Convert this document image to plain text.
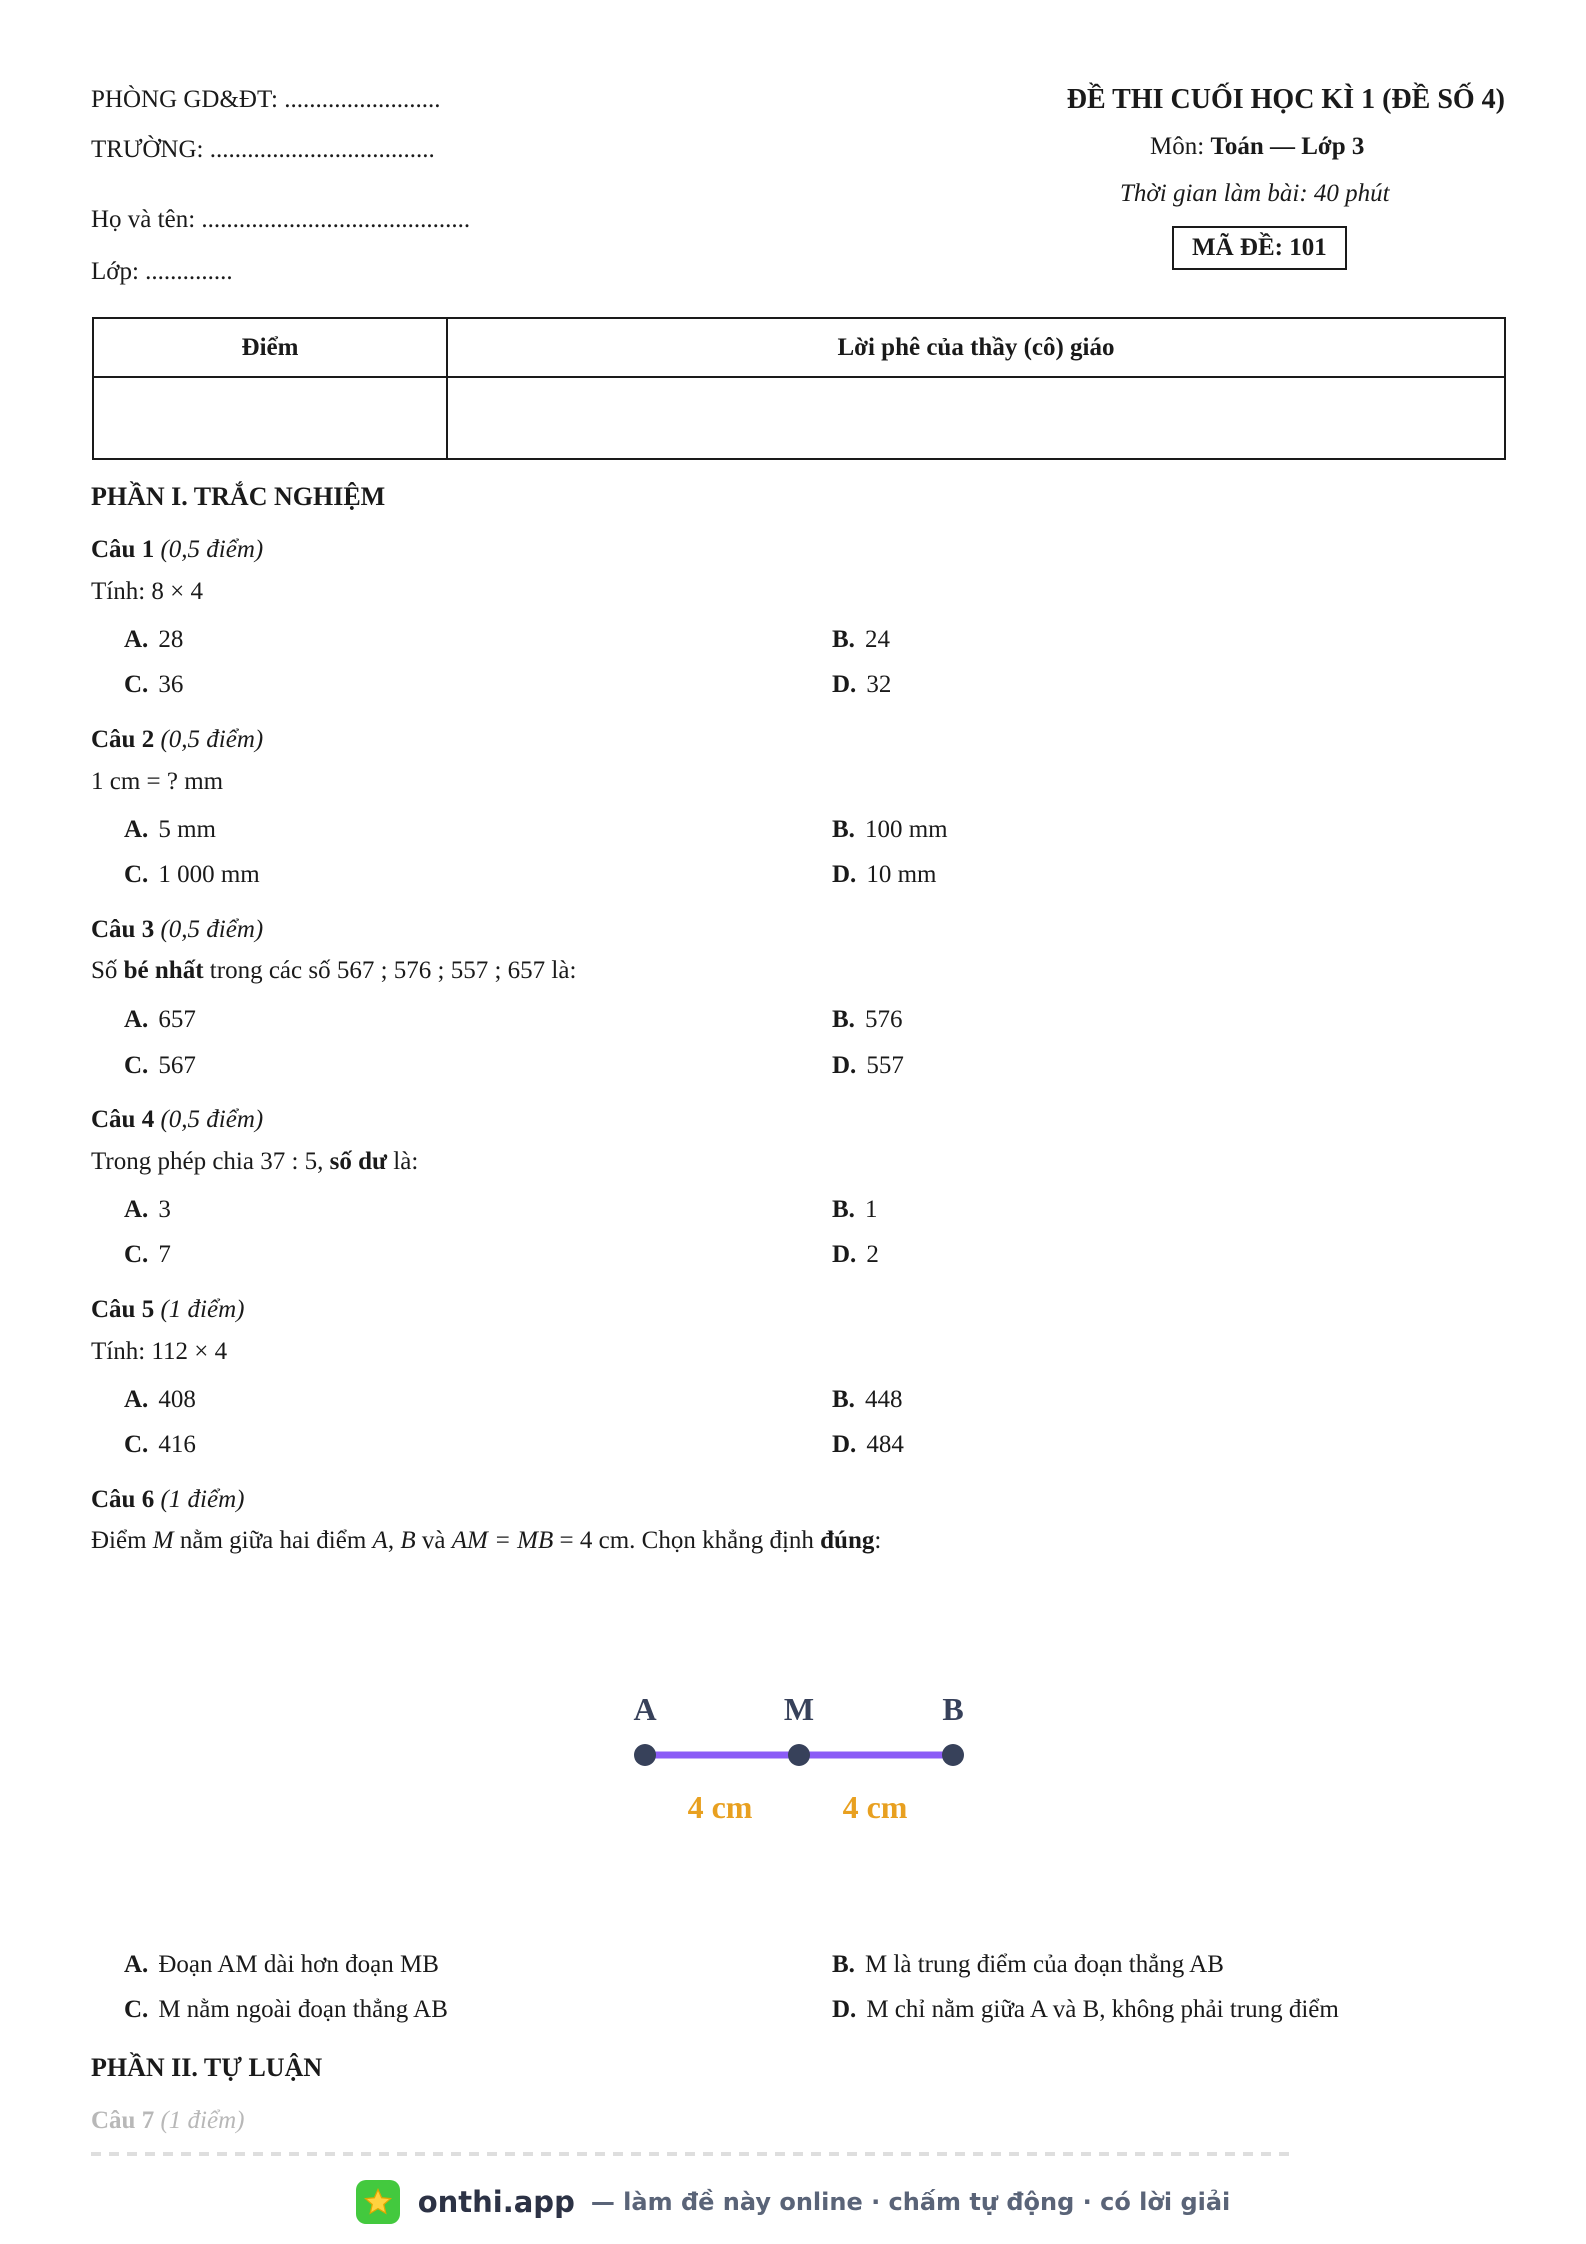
PHÒNG GD&ĐT: .........................
TRƯỜNG: ....................................
Họ và tên: ...........................................
Lớp: ..............
ĐỀ THI CUỐI HỌC KÌ 1 (ĐỀ SỐ 4)
Môn: Toán — Lớp 3
Thời gian làm bài: 40 phút
MÃ ĐỀ: 101
Điểm	Lời phê của thầy (cô) giáo

PHẦN I. TRẮC NGHIỆM
Câu 1 (0,5 điểm)
Tính: 8 × 4
A. 28	B. 24
C. 36	D. 32
Câu 2 (0,5 điểm)
1 cm = ? mm
A. 5 mm	B. 100 mm
C. 1 000 mm	D. 10 mm
Câu 3 (0,5 điểm)
Số bé nhất trong các số 567 ; 576 ; 557 ; 657 là:
A. 657	B. 576
C. 567	D. 557
Câu 4 (0,5 điểm)
Trong phép chia 37 : 5, số dư là:
A. 3	B. 1
C. 7	D. 2
Câu 5 (1 điểm)
Tính: 112 × 4
A. 408	B. 448
C. 416	D. 484
Câu 6 (1 điểm)
Điểm M nằm giữa hai điểm A, B và AM = MB = 4 cm. Chọn khẳng định đúng:
A	M	B
4 cm	4 cm
A. Đoạn AM dài hơn đoạn MB	B. M là trung điểm của đoạn thẳng AB
C. M nằm ngoài đoạn thẳng AB	D. M chỉ nằm giữa A và B, không phải trung điểm
PHẦN II. TỰ LUẬN
Câu 7 (1 điểm)
onthi.app — làm đề này online · chấm tự động · có lời giải
